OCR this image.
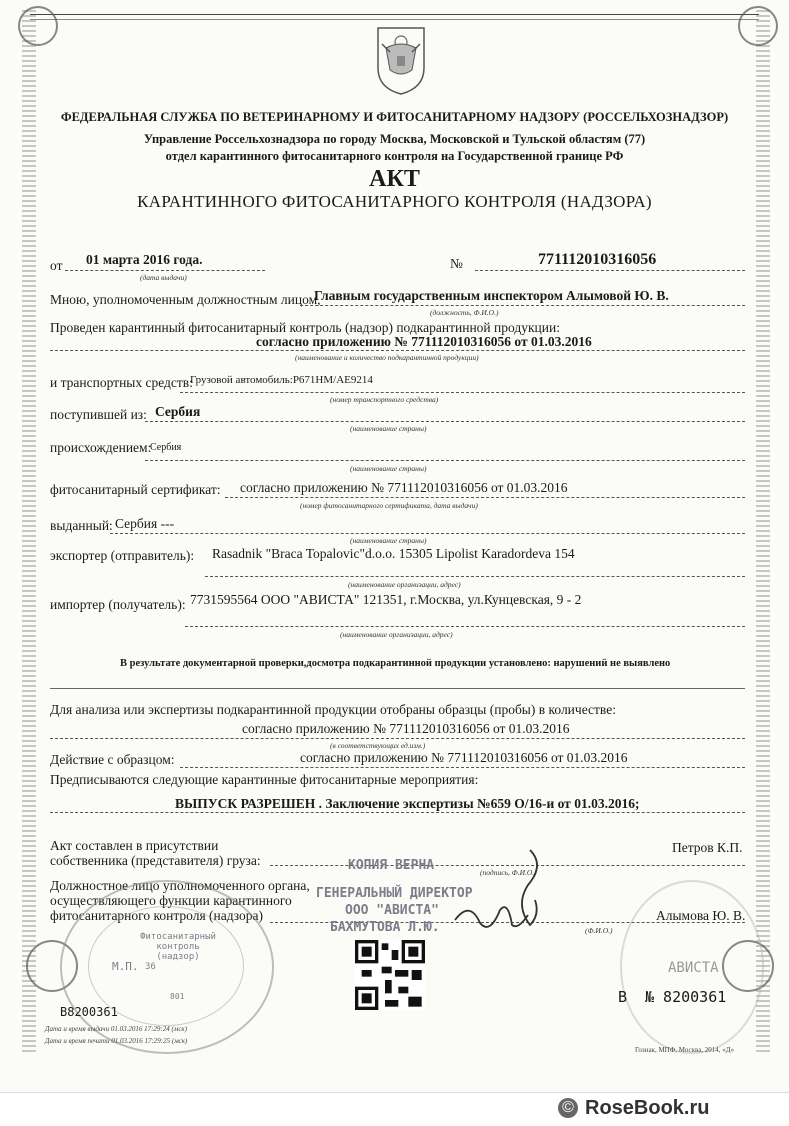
ФЕДЕРАЛЬНАЯ СЛУЖБА ПО ВЕТЕРИНАРНОМУ И ФИТОСАНИТАРНОМУ НАДЗОРУ (РОССЕЛЬХОЗНАДЗОР)
Управление Россельхознадзора по городу Москва, Московской и Тульской областям (77)
отдел карантинного фитосанитарного контроля на Государственной границе РФ
АКТ
КАРАНТИННОГО ФИТОСАНИТАРНОГО КОНТРОЛЯ (НАДЗОРА)
от 01 марта 2016 года.
(дата выдачи)
№	771112010316056
Мною, уполномоченным должностным лицом,
Главным государственным инспектором Алымовой Ю. В.
(должность, Ф.И.О.)
Проведен карантинный фитосанитарный контроль (надзор) подкарантинной продукции:
согласно приложению № 771112010316056 от 01.03.2016
(наименование и количество подкарантинной продукции)
и транспортных средств:
Грузовой автомобиль:Р671НМ/АЕ9214
(номер транспортного средства)
поступившей из: Сербия
(наименование страны)
происхождением:
Сербия
(наименование страны)
фитосанитарный сертификат: согласно приложению № 771112010316056 от 01.03.2016
(номер фитосанитарного сертификата, дата выдачи)
выданный: Сербия ---
(наименование страны)
экспортер (отправитель): Rasadnik "Braca Topalovic"d.o.o. 15305 Lipolist Karadordeva 154
(наименование организации, адрес)
импортер (получатель): 7731595564 ООО "АВИСТА" 121351, г.Москва, ул.Кунцевская, 9 - 2
(наименование организации, адрес)
В результате документарной проверки,досмотра подкарантинной продукции установлено: нарушений не выявлено
Для анализа или экспертизы подкарантинной продукции отобраны образцы (пробы) в количестве:
согласно приложению № 771112010316056 от 01.03.2016
(в соответствующих ед.изм.)
Действие с образцом:	согласно приложению № 771112010316056 от 01.03.2016
Предписываются следующие карантинные фитосанитарные мероприятия:
ВЫПУСК РАЗРЕШЕН . Заключение экспертизы №659 О/16-и от 01.03.2016;
Акт составлен в присутствии
собственника (представителя) груза:
Петров К.П.
(подпись, Ф.И.О.)
Должностное лицо уполномоченного органа,
осуществляющего функции карантинного
фитосанитарного контроля (надзора)	Алымова Ю. В.
(Ф.И.О.)
Фитосанитарный контроль (надзор)
М.П. 36
801
КОПИЯ ВЕРНА
ГЕНЕРАЛЬНЫЙ ДИРЕКТОР
ООО "АВИСТА"
БАХМУТОВА Л.Ю.
АВИСТА
В8200361
В № 8200361
Дата и время выдачи 01.03.2016 17:29:24 (мск)
Дата и время печати 01.03.2016 17:29:25 (мск)
Гознак, МПФ, Москва, 2014, «Д»
© RoseBook.ru
